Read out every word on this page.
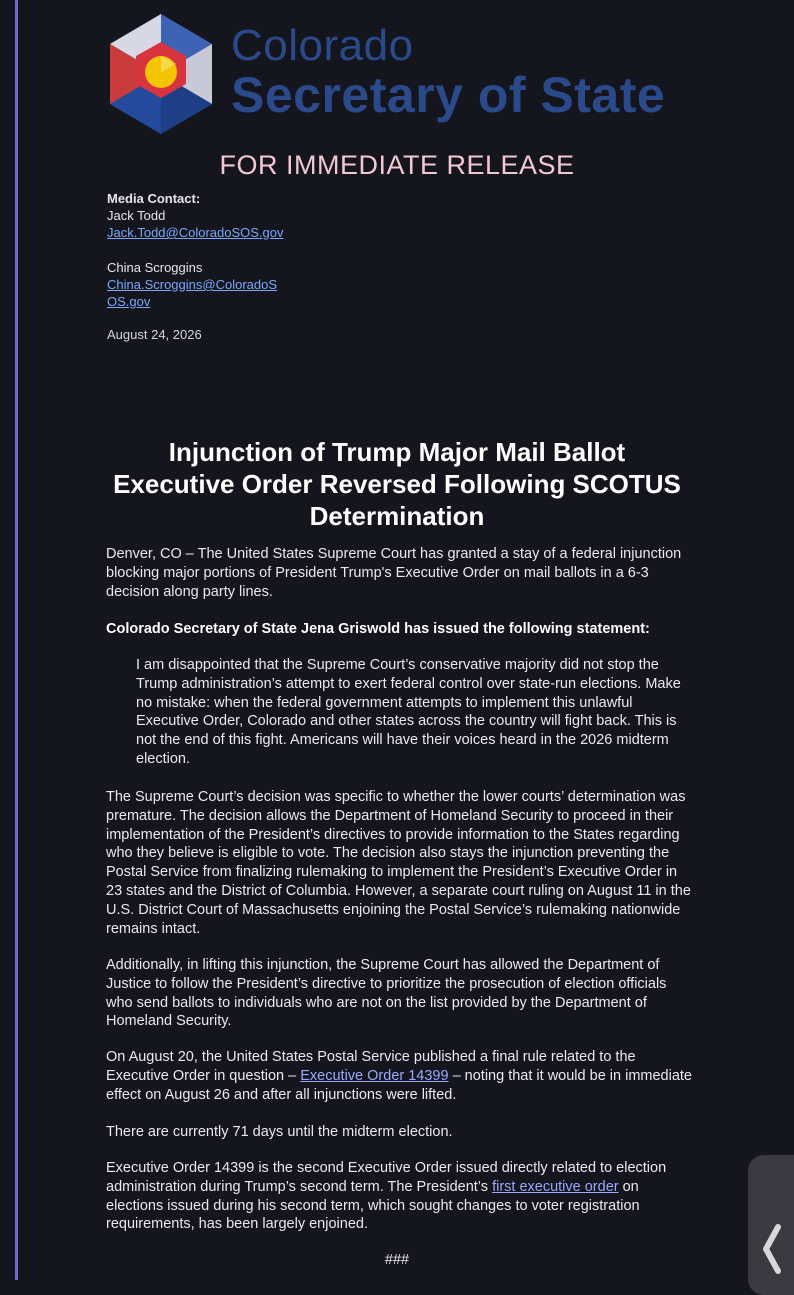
Colorado
Secretary of State
FOR IMMEDIATE RELEASE
Media Contact:
Jack Todd
Jack.Todd@ColoradoSOS.gov
China Scroggins
China.Scroggins@ColoradoS
OS.gov
August 24, 2026
Injunction of Trump Major Mail Ballot
Executive Order Reversed Following SCOTUS
Determination
Denver, CO – The United States Supreme Court has granted a stay of a federal injunction blocking major portions of President Trump's Executive Order on mail ballots in a 6-3 decision along party lines.
Colorado Secretary of State Jena Griswold has issued the following statement:
I am disappointed that the Supreme Court’s conservative majority did not stop the Trump administration’s attempt to exert federal control over state-run elections. Make no mistake: when the federal government attempts to implement this unlawful Executive Order, Colorado and other states across the country will fight back. This is not the end of this fight. Americans will have their voices heard in the 2026 midterm election.
The Supreme Court’s decision was specific to whether the lower courts’ determination was premature. The decision allows the Department of Homeland Security to proceed in their implementation of the President’s directives to provide information to the States regarding who they believe is eligible to vote. The decision also stays the injunction preventing the Postal Service from finalizing rulemaking to implement the President’s Executive Order in 23 states and the District of Columbia. However, a separate court ruling on August 11 in the U.S. District Court of Massachusetts enjoining the Postal Service’s rulemaking nationwide remains intact.
Additionally, in lifting this injunction, the Supreme Court has allowed the Department of Justice to follow the President’s directive to prioritize the prosecution of election officials who send ballots to individuals who are not on the list provided by the Department of Homeland Security.
On August 20, the United States Postal Service published a final rule related to the Executive Order in question – Executive Order 14399 – noting that it would be in immediate effect on August 26 and after all injunctions were lifted.
There are currently 71 days until the midterm election.
Executive Order 14399 is the second Executive Order issued directly related to election administration during Trump’s second term. The President’s first executive order on elections issued during his second term, which sought changes to voter registration requirements, has been largely enjoined.
###
